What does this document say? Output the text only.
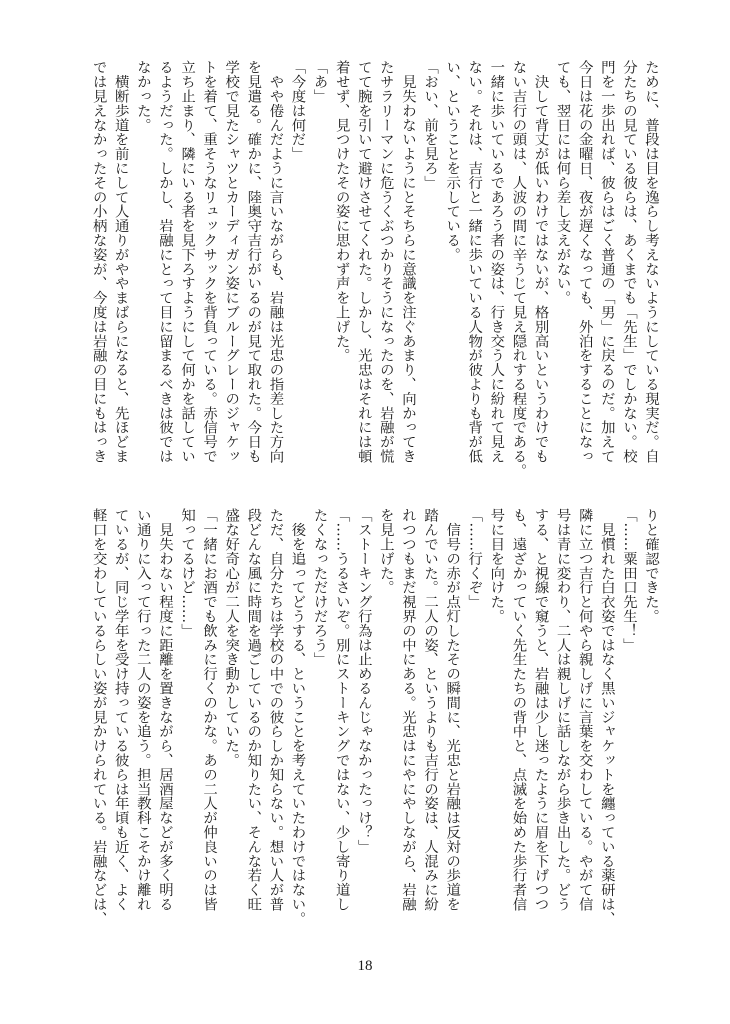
ために、普段は目を逸らし考えないようにしている現実だ。自
分たちの見ている彼らは、あくまでも「先生」でしかない。校
門を一歩出れば、彼らはごく普通の「男」に戻るのだ。加えて
今日は花の金曜日、夜が遅くなっても、外泊をすることになっ
ても、翌日には何ら差し支えがない。
　決して背丈が低いわけではないが、格別高いというわけでも
ない吉行の頭は、人波の間に辛うじて見え隠れする程度である。
一緒に歩いているであろう者の姿は、行き交う人に紛れて見え
ない。それは、吉行と一緒に歩いている人物が彼よりも背が低
い、ということを示している。
「おい、前を見ろ」
　見失わないようにとそちらに意識を注ぐあまり、向かってき
たサラリーマンに危うくぶつかりそうになったのを、岩融が慌
てて腕を引いて避けさせてくれた。しかし、光忠はそれには頓
着せず、見つけたその姿に思わず声を上げた。
「あ」
「今度は何だ」
　やや倦んだように言いながらも、岩融は光忠の指差した方向
を見遣る。確かに、陸奥守吉行がいるのが見て取れた。今日も
学校で見たシャツとカーディガン姿にブルーグレーのジャケッ
トを着て、重そうなリュックサックを背負っている。赤信号で
立ち止まり、隣にいる者を見下ろすようにして何かを話してい
るようだった。しかし、岩融にとって目に留まるべきは彼では
なかった。
　横断歩道を前にして人通りがややまばらになると、先ほどま
では見えなかったその小柄な姿が、今度は岩融の目にもはっき
りと確認できた。
「……粟田口先生！」
　見慣れた白衣姿ではなく黒いジャケットを纏っている薬研は、
隣に立つ吉行と何やら親しげに言葉を交わしている。やがて信
号は青に変わり、二人は親しげに話しながら歩き出した。どう
する、と視線で窺うと、岩融は少し迷ったように眉を下げつつ
も、遠ざかっていく先生たちの背中と、点滅を始めた歩行者信
号に目を向けた。
「……行くぞ」
　信号の赤が点灯したその瞬間に、光忠と岩融は反対の歩道を
踏んでいた。二人の姿、というよりも吉行の姿は、人混みに紛
れつつもまだ視界の中にある。光忠はにやにやしながら、岩融
を見上げた。
「ストーキング行為は止めるんじゃなかったっけ？」
「……うるさいぞ。別にストーキングではない、少し寄り道し
たくなっただけだろう」
　後を追ってどうする、ということを考えていたわけではない。
ただ、自分たちは学校の中での彼らしか知らない。想い人が普
段どんな風に時間を過ごしているのか知りたい、そんな若く旺
盛な好奇心が二人を突き動かしていた。
「一緒にお酒でも飲みに行くのかな。あの二人が仲良いのは皆
知ってるけど……」
　見失わない程度に距離を置きながら、居酒屋などが多く明る
い通りに入って行った二人の姿を追う。担当教科こそかけ離れ
ているが、同じ学年を受け持っている彼らは年頃も近く、よく
軽口を交わしているらしい姿が見かけられている。岩融などは、
18
